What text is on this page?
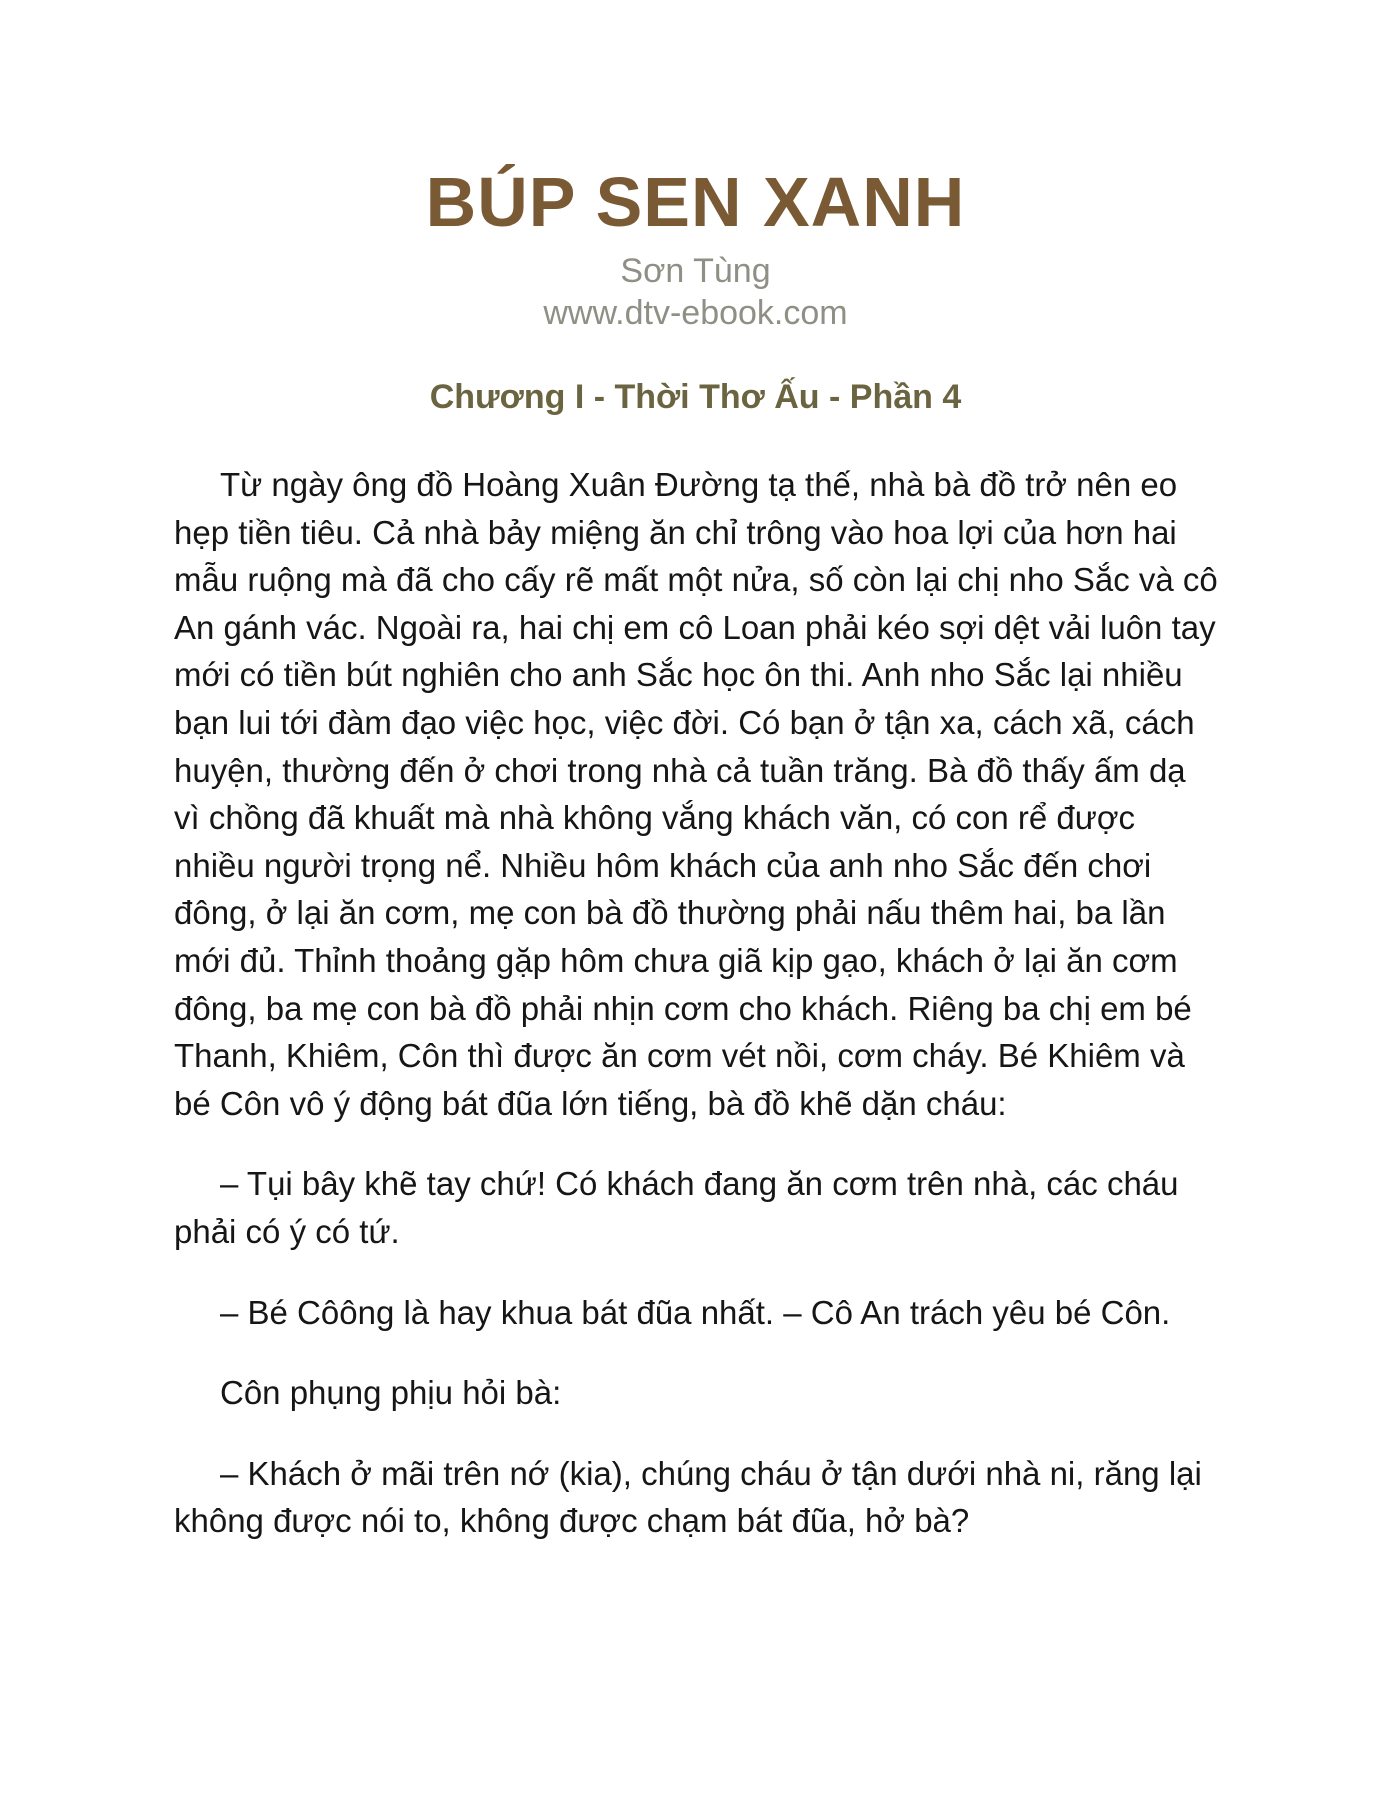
BÚP SEN XANH
Sơn Tùng
www.dtv-ebook.com
Chương I - Thời Thơ Ấu - Phần 4

Từ ngày ông đồ Hoàng Xuân Đường tạ thế, nhà bà đồ trở nên eo hẹp tiền tiêu. Cả nhà bảy miệng ăn chỉ trông vào hoa lợi của hơn hai mẫu ruộng mà đã cho cấy rẽ mất một nửa, số còn lại chị nho Sắc và cô An gánh vác. Ngoài ra, hai chị em cô Loan phải kéo sợi dệt vải luôn tay mới có tiền bút nghiên cho anh Sắc học ôn thi. Anh nho Sắc lại nhiều bạn lui tới đàm đạo việc học, việc đời. Có bạn ở tận xa, cách xã, cách huyện, thường đến ở chơi trong nhà cả tuần trăng. Bà đồ thấy ấm dạ vì chồng đã khuất mà nhà không vắng khách văn, có con rể được nhiều người trọng nể. Nhiều hôm khách của anh nho Sắc đến chơi đông, ở lại ăn cơm, mẹ con bà đồ thường phải nấu thêm hai, ba lần mới đủ. Thỉnh thoảng gặp hôm chưa giã kịp gạo, khách ở lại ăn cơm đông, ba mẹ con bà đồ phải nhịn cơm cho khách. Riêng ba chị em bé Thanh, Khiêm, Côn thì được ăn cơm vét nồi, cơm cháy. Bé Khiêm và bé Côn vô ý động bát đũa lớn tiếng, bà đồ khẽ dặn cháu:

– Tụi bây khẽ tay chứ! Có khách đang ăn cơm trên nhà, các cháu phải có ý có tứ.

– Bé Côông là hay khua bát đũa nhất. – Cô An trách yêu bé Côn.

Côn phụng phịu hỏi bà:

– Khách ở mãi trên nớ (kia), chúng cháu ở tận dưới nhà ni, răng lại không được nói to, không được chạm bát đũa, hở bà?
